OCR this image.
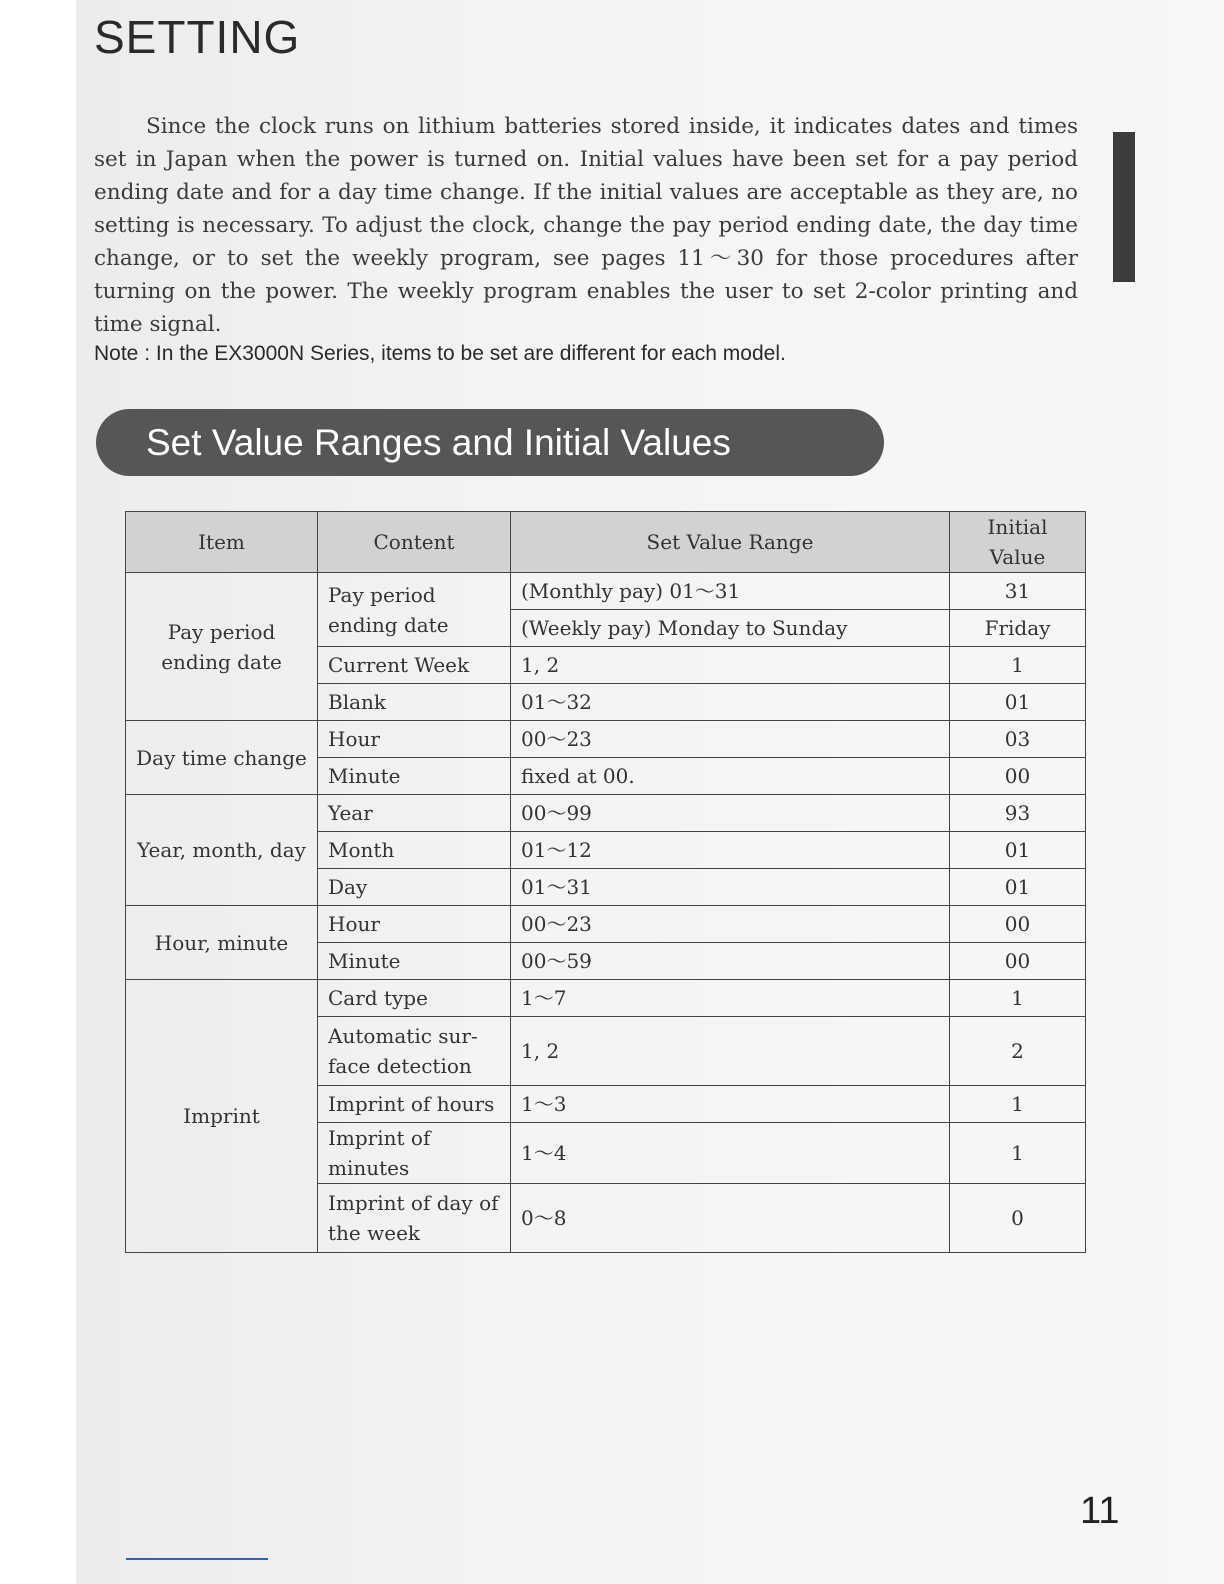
SETTING

Since the clock runs on lithium batteries stored inside, it indicates dates and times set in Japan when the power is turned on. Initial values have been set for a pay period ending date and for a day time change. If the initial values are acceptable as they are, no setting is necessary. To adjust the clock, change the pay period ending date, the day time change, or to set the weekly program, see pages 11〜30 for those procedures after turning on the power. The weekly program enables the user to set 2-color printing and time signal.

Note : In the EX3000N Series, items to be set are different for each model.

Set Value Ranges and Initial Values
Item	Content	Set Value Range	Initial Value
Pay period ending date	Pay period ending date	(Monthly pay) 01〜31	31
		(Weekly pay) Monday to Sunday	Friday
	Current Week	1, 2	1
	Blank	01〜32	01
Day time change	Hour	00〜23	03
	Minute	fixed at 00.	00
Year, month, day	Year	00〜99	93
	Month	01〜12	01
	Day	01〜31	01
Hour, minute	Hour	00〜23	00
	Minute	00〜59	00
Imprint	Card type	1〜7	1
	Automatic sur-face detection	1, 2	2
	Imprint of hours	1〜3	1
	Imprint of minutes	1〜4	1
	Imprint of day of the week	0〜8	0
11
